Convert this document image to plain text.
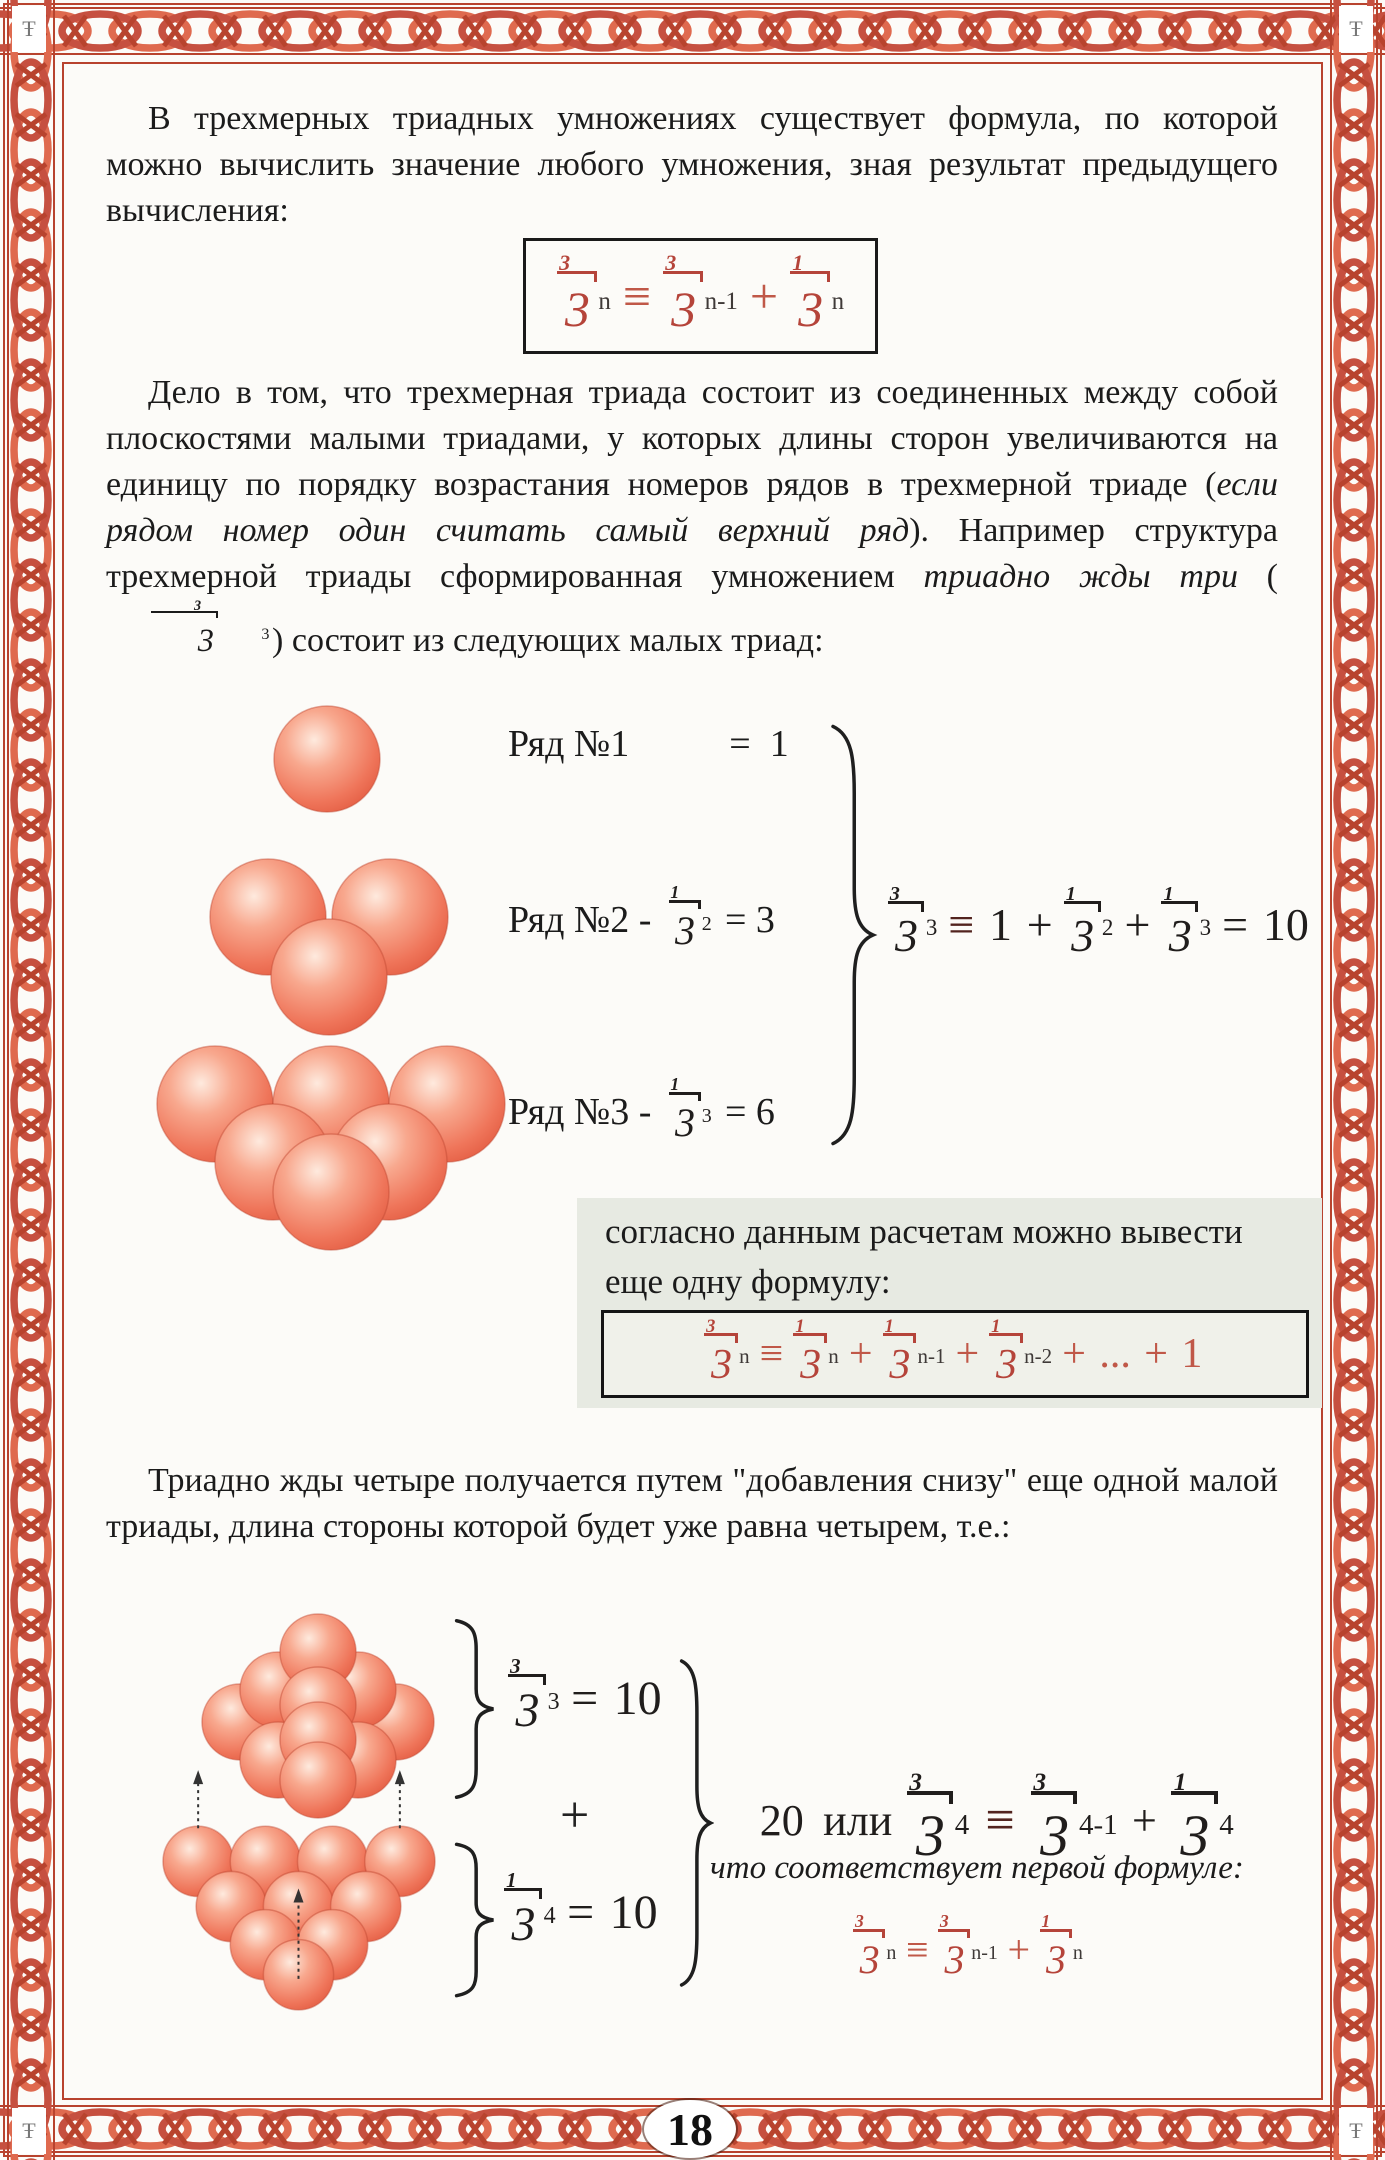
Ŧ	Ŧ
Ŧ	Ŧ
В трехмерных триадных умножениях существует формула, по которой можно вычислить значение любого умножения, зная результат предыдущего вычисления:
3
3 n ≡
3
3 n-1 +
1
3 n
Дело в том, что трехмерная триада состоит из соединенных между собой плоскостями малыми триадами, у которых длины сторон увеличиваются на единицу по порядку возрастания номеров рядов в трехмерной триаде (если рядом номер один считать самый верхний ряд). Например структура трехмерной триады сформированная умножением триадно жды три (
3
3	3) состоит из следующих малых триад:
Ряд №1	=  1
Ряд №2 -
1
3 2 = 3
Ряд №3 -
1
3 3 = 6
3
3 3 ≡ 1 +
1
3 2 +
1
3 3 = 10
согласно данным расчетам можно вывести
еще одну формулу:
3
3 n ≡
1
3 n +
1
3 n-1 +
1
3 n-2 + ... + 1
Триадно жды четыре получается путем "добавления снизу" еще одной малой триады, длина стороны которой будет уже равна четырем, т.е.:
3
3 3 = 10
+
1
3 4 = 10
20 или
3
3 4 ≡
3
3 4-1 +
1
3 4
что соответствует первой формуле:
3
3 n ≡
3
3 n-1 +
1
3 n
18
